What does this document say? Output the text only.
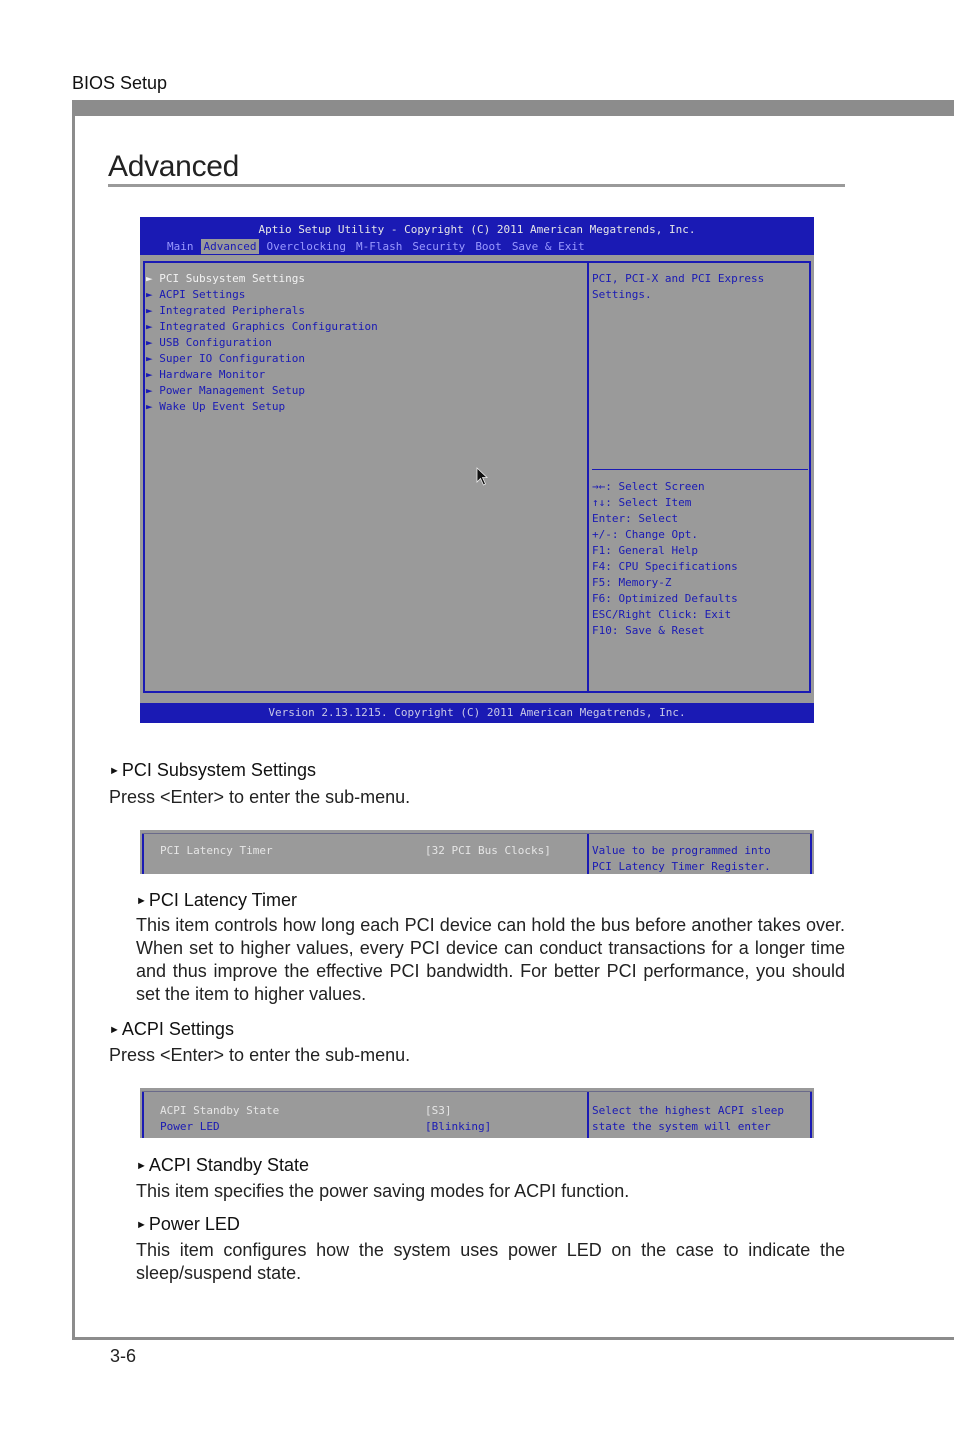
BIOS Setup
Advanced
Aptio Setup Utility - Copyright (C) 2011 American Megatrends, Inc.
Main Advanced Overclocking M-Flash Security Boot Save & Exit
► PCI Subsystem Settings
► ACPI Settings
► Integrated Peripherals
► Integrated Graphics Configuration
► USB Configuration
► Super IO Configuration
► Hardware Monitor
► Power Management Setup
► Wake Up Event Setup
PCI, PCI-X and PCI Express
Settings.
→←: Select Screen
↑↓: Select Item
Enter: Select
+/-: Change Opt.
F1: General Help
F4: CPU Specifications
F5: Memory-Z
F6: Optimized Defaults
ESC/Right Click: Exit
F10: Save & Reset
Version 2.13.1215. Copyright (C) 2011 American Megatrends, Inc.
► PCI Subsystem Settings
Press <Enter> to enter the sub-menu.
PCI Latency Timer	[32 PCI Bus Clocks]	Value to be programmed into
PCI Latency Timer Register.
► PCI Latency Timer
This item controls how long each PCI device can hold the bus before another takes over. When set to higher values, every PCI device can conduct transactions for a longer time and thus improve the effective PCI bandwidth. For better PCI performance, you should set the item to higher values.
► ACPI Settings
Press <Enter> to enter the sub-menu.
ACPI Standby State	[S3]
Power LED	[Blinking]
Select the highest ACPI sleep
state the system will enter
► ACPI Standby State
This item specifies the power saving modes for ACPI function.
► Power LED
This item configures how the system uses power LED on the case to indicate the sleep/suspend state.
3-6
